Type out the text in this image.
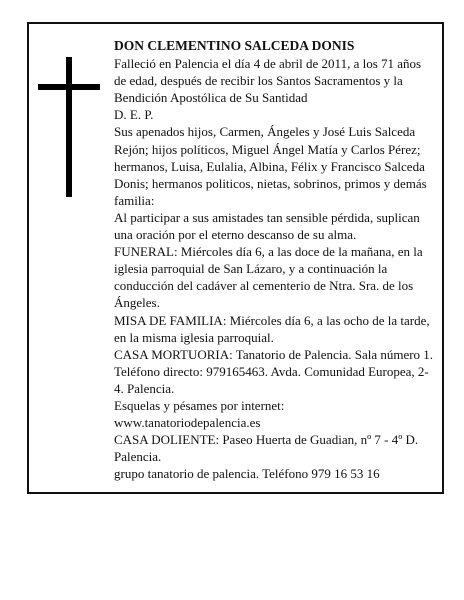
DON CLEMENTINO SALCEDA DONIS

Falleció en Palencia el día 4 de abril de 2011, a los 71 años de edad, después de recibir los Santos Sacramentos y la Bendición Apostólica de Su Santidad

D. E. P.

Sus apenados hijos, Carmen, Ángeles y José Luis Salceda Rejón; hijos políticos, Miguel Ángel Matía y Carlos Pérez; hermanos, Luisa, Eulalia, Albina, Félix y Francisco Salceda Donis; hermanos politicos, nietas, sobrinos, primos y demás familia:

Al participar a sus amistades tan sensible pérdida, suplican una oración por el eterno descanso de su alma.

FUNERAL: Miércoles día 6, a las doce de la mañana, en la iglesia parroquial de San Lázaro, y a continuación la conducción del cadáver al cementerio de Ntra. Sra. de los Ángeles.

MISA DE FAMILIA: Miércoles día 6, a las ocho de la tarde, en la misma iglesia parroquial.

CASA MORTUORIA: Tanatorio de Palencia. Sala número 1. Teléfono directo: 979165463. Avda. Comunidad Europea, 2-4. Palencia.

Esquelas y pésames por internet: www.tanatoriodepalencia.es

CASA DOLIENTE: Paseo Huerta de Guadian, nº 7 - 4º D. Palencia.

grupo tanatorio de palencia. Teléfono 979 16 53 16
